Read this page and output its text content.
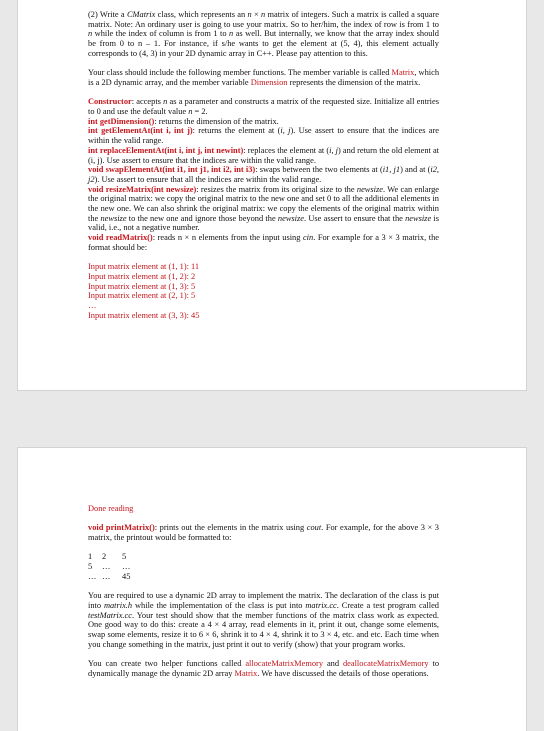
(2) Write a CMatrix class, which represents an n × n matrix of integers. Such a matrix is called a square matrix. Note: An ordinary user is going to use your matrix. So to her/him, the index of row is from 1 to n while the index of column is from 1 to n as well. But internally, we know that the array index should be from 0 to n – 1. For instance, if s/he wants to get the element at (5, 4), this element actually corresponds to (4, 3) in your 2D dynamic array in C++. Please pay attention to this.

Your class should include the following member functions. The member variable is called Matrix, which is a 2D dynamic array, and the member variable Dimension represents the dimension of the matrix.

Constructor: accepts n as a parameter and constructs a matrix of the requested size. Initialize all entries to 0 and use the default value n = 2.

int getDimension(): returns the dimension of the matrix.

int getElementAt(int i, int j): returns the element at (i, j). Use assert to ensure that the indices are within the valid range.

int replaceElementAt(int i, int j, int newint): replaces the element at (i, j) and return the old element at (i, j). Use assert to ensure that the indices are within the valid range.

void swapElementAt(int i1, int j1, int i2, int i3): swaps between the two elements at (i1, j1) and at (i2, j2). Use assert to ensure that all the indices are within the valid range.

void resizeMatrix(int newsize): resizes the matrix from its original size to the newsize. We can enlarge the original matrix: we copy the original matrix to the new one and set 0 to all the additional elements in the new one. We can also shrink the original matrix: we copy the elements of the original matrix within the newsize to the new one and ignore those beyond the newsize. Use assert to ensure that the newsize is valid, i.e., not a negative number.

void readMatrix(): reads n × n elements from the input using cin. For example for a 3 × 3 matrix, the format should be:

Input matrix element at (1, 1): 11
Input matrix element at (1, 2): 2
Input matrix element at (1, 3): 5
Input matrix element at (2, 1): 5
…
Input matrix element at (3, 3): 45

Done reading

void printMatrix(): prints out the elements in the matrix using cout. For example, for the above 3 × 3 matrix, the printout would be formatted to:

1	2	5
5	…	…
… …	45

You are required to use a dynamic 2D array to implement the matrix. The declaration of the class is put into matrix.h while the implementation of the class is put into matrix.cc. Create a test program called testMatrix.cc. Your test should show that the member functions of the matrix class work as expected. One good way to do this: create a 4 × 4 array, read elements in it, print it out, change some elements, swap some elements, resize it to 6 × 6, shrink it to 4 × 4, shrink it to 3 × 4, etc. and etc. Each time when you change something in the matrix, just print it out to verify (show) that your program works.

You can create two helper functions called allocateMatrixMemory and deallocateMatrixMemory to dynamically manage the dynamic 2D array Matrix. We have discussed the details of those operations.
